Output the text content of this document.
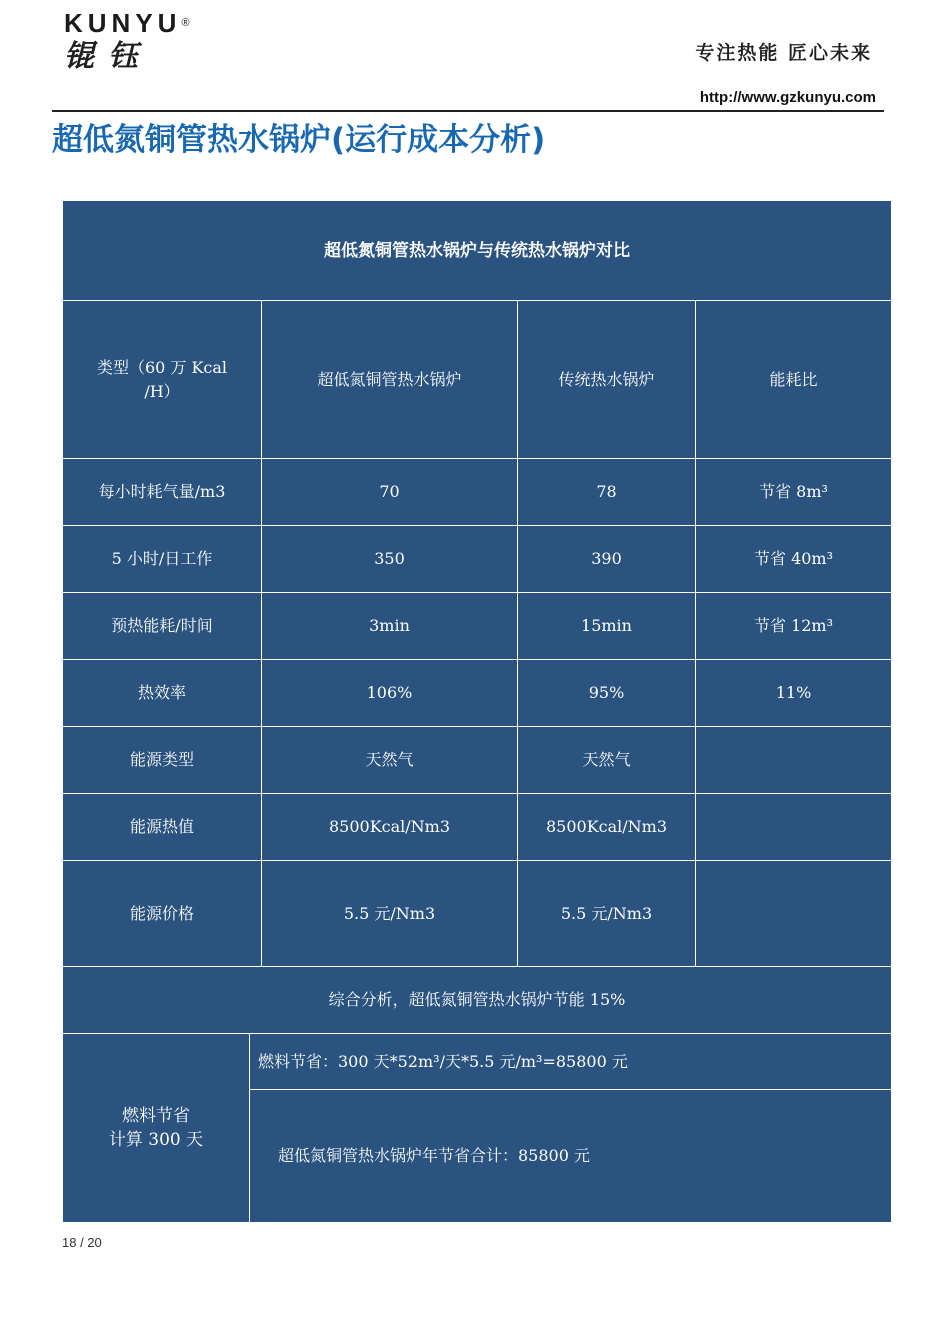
KUNYU®
锟钰	专注热能 匠心未来
http://www.gzkunyu.com
超低氮铜管热水锅炉(运行成本分析)
超低氮铜管热水锅炉与传统热水锅炉对比				
类型（60 万 Kcal /H）		超低氮铜管热水锅炉	传统热水锅炉	能耗比
每小时耗气量/m3		70	78	节省 8m³
5 小时/日工作		350	390	节省 40m³
预热能耗/时间		3min	15min	节省 12m³
热效率		106%	95%	11%
能源类型		天然气	天然气	
能源热值		8500Kcal/Nm3	8500Kcal/Nm3	
能源价格		5.5 元/Nm3	5.5 元/Nm3	
综合分析，超低氮铜管热水锅炉节能 15%				
燃料节省
计算 300 天	燃料节省：300 天*52m³/天*5.5 元/m³=85800 元			
	超低氮铜管热水锅炉年节省合计：85800 元			
18 / 20
